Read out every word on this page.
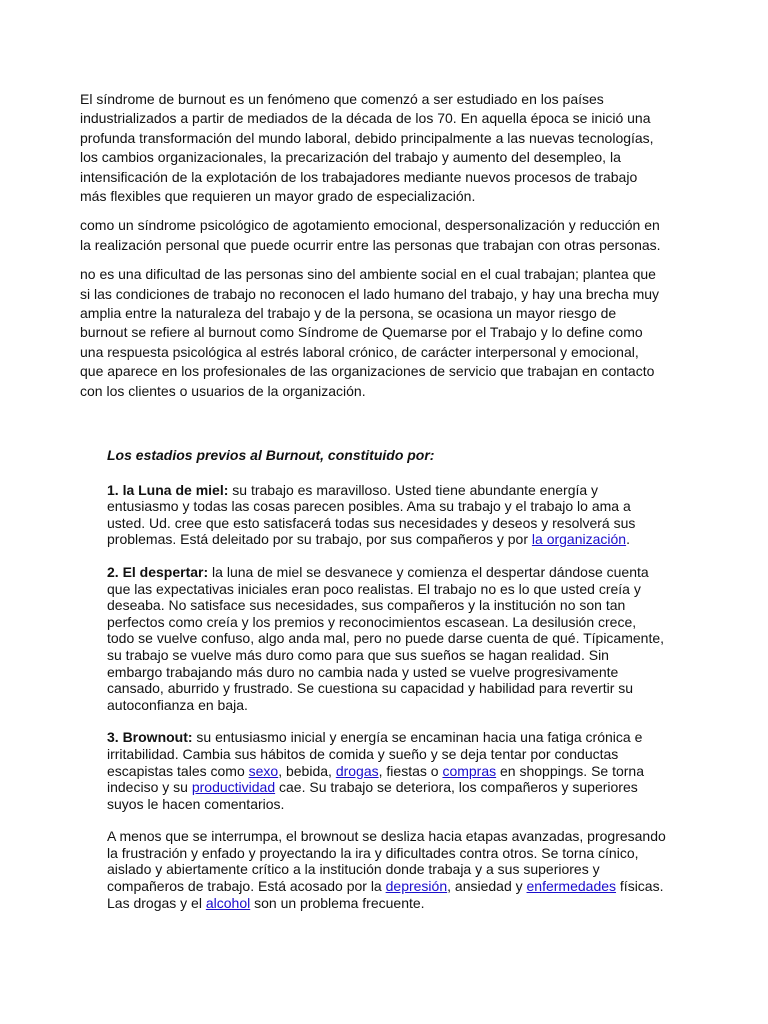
El síndrome de burnout es un fenómeno que comenzó a ser estudiado en los países industrializados a partir de mediados de la década de los 70. En aquella época se inició una profunda transformación del mundo laboral, debido principalmente a las nuevas tecnologías, los cambios organizacionales, la precarización del trabajo y aumento del desempleo, la intensificación de la explotación de los trabajadores mediante nuevos procesos de trabajo más flexibles que requieren un mayor grado de especialización.

como un síndrome psicológico de agotamiento emocional, despersonalización y reducción en la realización personal que puede ocurrir entre las personas que trabajan con otras personas.

no es una dificultad de las personas sino del ambiente social en el cual trabajan; plantea que si las condiciones de trabajo no reconocen el lado humano del trabajo, y hay una brecha muy amplia entre la naturaleza del trabajo y de la persona, se ocasiona un mayor riesgo de burnout se refiere al burnout como Síndrome de Quemarse por el Trabajo y lo define como una respuesta psicológica al estrés laboral crónico, de carácter interpersonal y emocional, que aparece en los profesionales de las organizaciones de servicio que trabajan en contacto con los clientes o usuarios de la organización.

Los estadios previos al Burnout, constituido por:

1. la Luna de miel: su trabajo es maravilloso. Usted tiene abundante energía y entusiasmo y todas las cosas parecen posibles. Ama su trabajo y el trabajo lo ama a usted. Ud. cree que esto satisfacerá todas sus necesidades y deseos y resolverá sus problemas. Está deleitado por su trabajo, por sus compañeros y por la organización.

2. El despertar: la luna de miel se desvanece y comienza el despertar dándose cuenta que las expectativas iniciales eran poco realistas. El trabajo no es lo que usted creía y deseaba. No satisface sus necesidades, sus compañeros y la institución no son tan perfectos como creía y los premios y reconocimientos escasean. La desilusión crece, todo se vuelve confuso, algo anda mal, pero no puede darse cuenta de qué. Típicamente, su trabajo se vuelve más duro como para que sus sueños se hagan realidad. Sin embargo trabajando más duro no cambia nada y usted se vuelve progresivamente cansado, aburrido y frustrado. Se cuestiona su capacidad y habilidad para revertir su autoconfianza en baja.

3. Brownout: su entusiasmo inicial y energía se encaminan hacia una fatiga crónica e irritabilidad. Cambia sus hábitos de comida y sueño y se deja tentar por conductas escapistas tales como sexo, bebida, drogas, fiestas o compras en shoppings. Se torna indeciso y su productividad cae. Su trabajo se deteriora, los compañeros y superiores suyos le hacen comentarios.

A menos que se interrumpa, el brownout se desliza hacia etapas avanzadas, progresando la frustración y enfado y proyectando la ira y dificultades contra otros. Se torna cínico, aislado y abiertamente crítico a la institución donde trabaja y a sus superiores y compañeros de trabajo. Está acosado por la depresión, ansiedad y enfermedades físicas. Las drogas y el alcohol son un problema frecuente.
